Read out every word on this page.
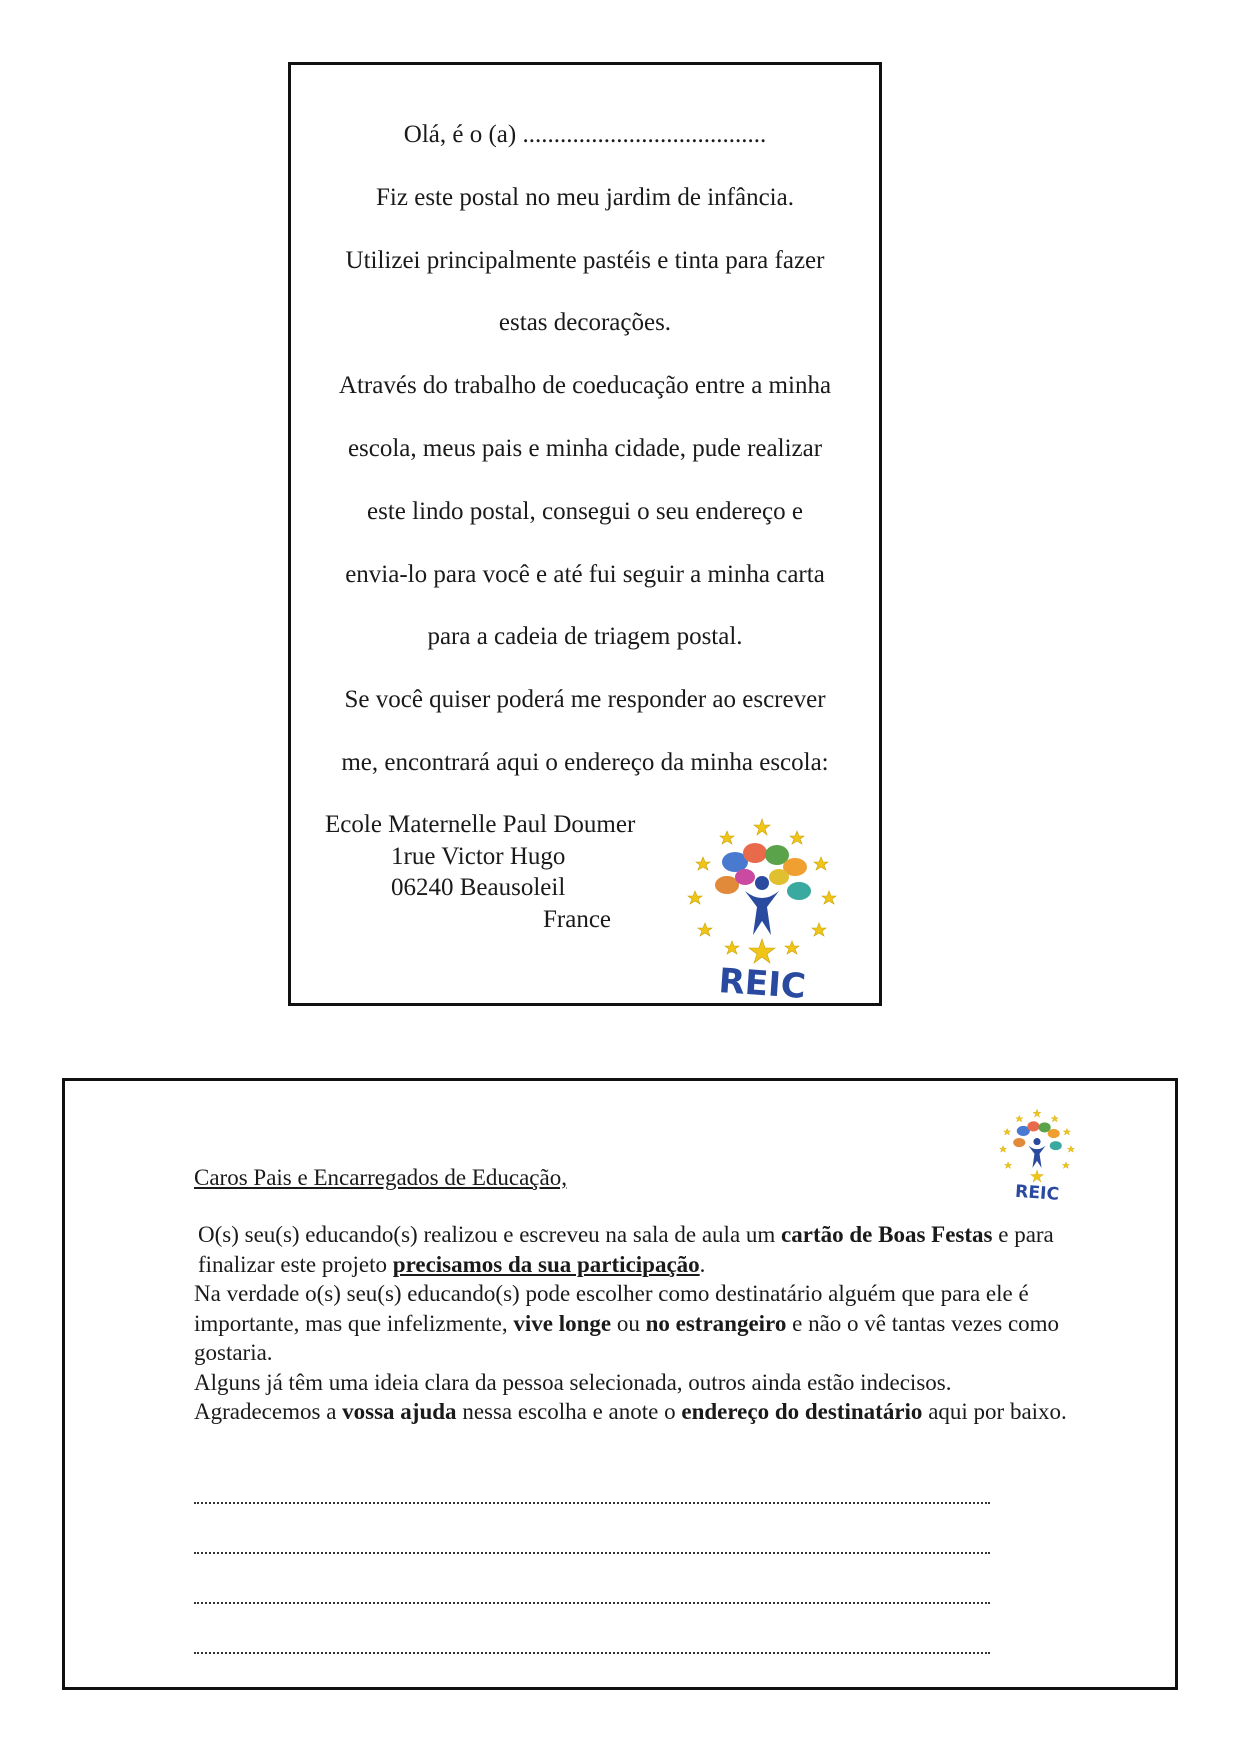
Olá, é o (a) .......................................

Fiz este postal no meu jardim de infância.

Utilizei principalmente pastéis e tinta para fazer

estas decorações.

Através do trabalho de coeducação entre a minha

escola, meus pais e minha cidade, pude realizar

este lindo postal, consegui o seu endereço e

envia-lo para você e até fui seguir a minha carta

para a cadeia de triagem postal.

Se você quiser poderá me responder ao escrever

me, encontrará aqui o endereço da minha escola:

Ecole Maternelle Paul Doumer
1rue Victor Hugo
06240 Beausoleil
France
REIC
REIC
Caros Pais e Encarregados de Educação,

O(s) seu(s) educando(s) realizou e escreveu na sala de aula um cartão de Boas Festas e para finalizar este projeto precisamos da sua participação.

Na verdade o(s) seu(s) educando(s) pode escolher como destinatário alguém que para ele é importante, mas que infelizmente, vive longe ou no estrangeiro e não o vê tantas vezes como gostaria.

Alguns já têm uma ideia clara da pessoa selecionada, outros ainda estão indecisos.

Agradecemos a vossa ajuda nessa escolha e anote o endereço do destinatário aqui por baixo.
